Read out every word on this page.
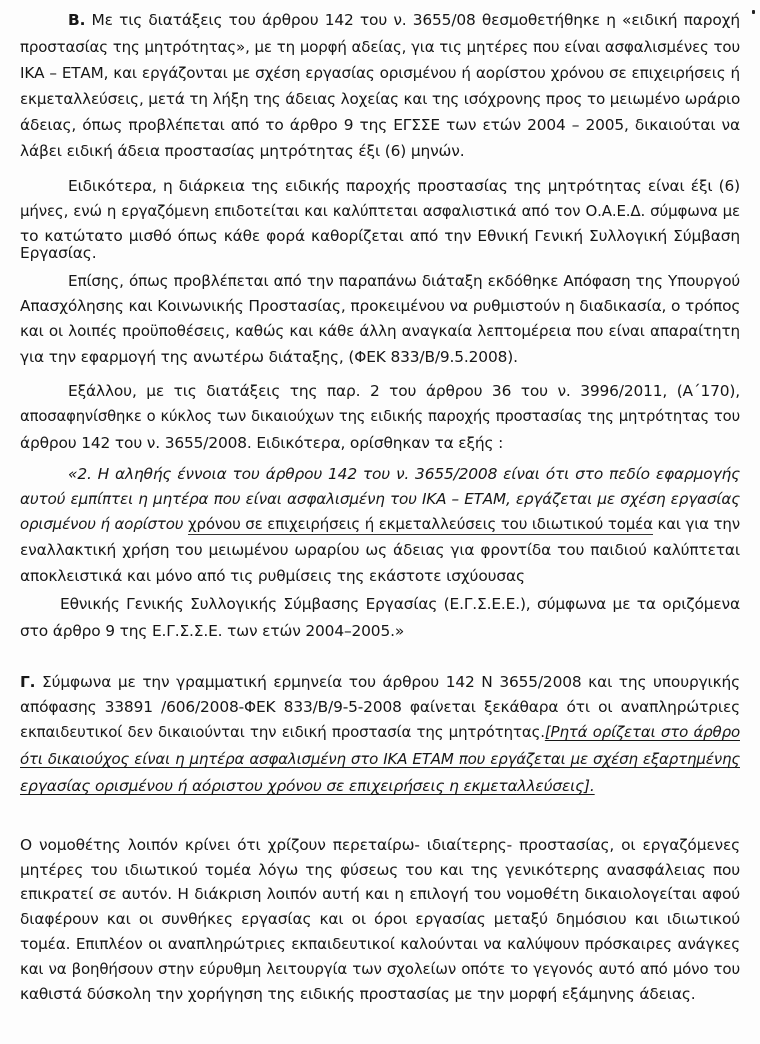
Β. Με τις διατάξεις του άρθρου 142 του ν. 3655/08 θεσμοθετήθηκε η «ειδική παροχή
προστασίας της μητρότητας», με τη μορφή αδείας, για τις μητέρες που είναι ασφαλισμένες του
ΙΚΑ – ΕΤΑΜ, και εργάζονται με σχέση εργασίας ορισμένου ή αορίστου χρόνου σε επιχειρήσεις ή
εκμεταλλεύσεις, μετά τη λήξη της άδειας λοχείας και της ισόχρονης προς το μειωμένο ωράριο
άδειας, όπως προβλέπεται από το άρθρο 9 της ΕΓΣΣΕ των ετών 2004 – 2005, δικαιούται να
λάβει ειδική άδεια προστασίας μητρότητας έξι (6) μηνών.
Ειδικότερα, η διάρκεια της ειδικής παροχής προστασίας της μητρότητας είναι έξι (6)
μήνες, ενώ η εργαζόμενη επιδοτείται και καλύπτεται ασφαλιστικά από τον Ο.Α.Ε.Δ. σύμφωνα με
το κατώτατο μισθό όπως κάθε φορά καθορίζεται από την Εθνική Γενική Συλλογική Σύμβαση
Εργασίας.
Επίσης, όπως προβλέπεται από την παραπάνω διάταξη εκδόθηκε Απόφαση της Υπουργού
Απασχόλησης και Κοινωνικής Προστασίας, προκειμένου να ρυθμιστούν η διαδικασία, ο τρόπος
και οι λοιπές προϋποθέσεις, καθώς και κάθε άλλη αναγκαία λεπτομέρεια που είναι απαραίτητη
για την εφαρμογή της ανωτέρω διάταξης, (ΦΕΚ 833/Β/9.5.2008).
Εξάλλου, με τις διατάξεις της παρ. 2 του άρθρου 36 του ν. 3996/2011, (Α΄170),
αποσαφηνίσθηκε ο κύκλος των δικαιούχων της ειδικής παροχής προστασίας της μητρότητας του
άρθρου 142 του ν. 3655/2008. Ειδικότερα, ορίσθηκαν τα εξής :
«2. Η αληθής έννοια του άρθρου 142 του ν. 3655/2008 είναι ότι στο πεδίο εφαρμογής
αυτού εμπίπτει η μητέρα που είναι ασφαλισμένη του ΙΚΑ – ΕΤΑΜ, εργάζεται με σχέση εργασίας
ορισμένου ή αορίστου χρόνου σε επιχειρήσεις ή εκμεταλλεύσεις του ιδιωτικού τομέα και για την
εναλλακτική χρήση του μειωμένου ωραρίου ως άδειας για φροντίδα του παιδιού καλύπτεται
αποκλειστικά και μόνο από τις ρυθμίσεις της εκάστοτε ισχύουσας
Εθνικής Γενικής Συλλογικής Σύμβασης Εργασίας (Ε.Γ.Σ.Ε.Ε.), σύμφωνα με τα οριζόμενα
στο άρθρο 9 της Ε.Γ.Σ.Σ.Ε. των ετών 2004–2005.»
Γ. Σύμφωνα με την γραμματική ερμηνεία του άρθρου 142 Ν 3655/2008 και της υπουργικής
απόφασης 33891 /606/2008-ΦΕΚ 833/Β/9-5-2008 φαίνεται ξεκάθαρα ότι οι αναπληρώτριες
εκπαιδευτικοί δεν δικαιούνται την ειδική προστασία της μητρότητας.[Ρητά ορίζεται στο άρθρο
ότι δικαιούχος είναι η μητέρα ασφαλισμένη στο ΙΚΑ ΕΤΑΜ που εργάζεται με σχέση εξαρτημένης
εργασίας ορισμένου ή αόριστου χρόνου σε επιχειρήσεις η εκμεταλλεύσεις].
Ο νομοθέτης λοιπόν κρίνει ότι χρίζουν περεταίρω- ιδιαίτερης- προστασίας, οι εργαζόμενες
μητέρες του ιδιωτικού τομέα λόγω της φύσεως του και της γενικότερης ανασφάλειας που
επικρατεί σε αυτόν. Η διάκριση λοιπόν αυτή και η επιλογή του νομοθέτη δικαιολογείται αφού
διαφέρουν και οι συνθήκες εργασίας και οι όροι εργασίας μεταξύ δημόσιου και ιδιωτικού
τομέα. Επιπλέον οι αναπληρώτριες εκπαιδευτικοί καλούνται να καλύψουν πρόσκαιρες ανάγκες
και να βοηθήσουν στην εύρυθμη λειτουργία των σχολείων οπότε το γεγονός αυτό από μόνο του
καθιστά δύσκολη την χορήγηση της ειδικής προστασίας με την μορφή εξάμηνης άδειας.
